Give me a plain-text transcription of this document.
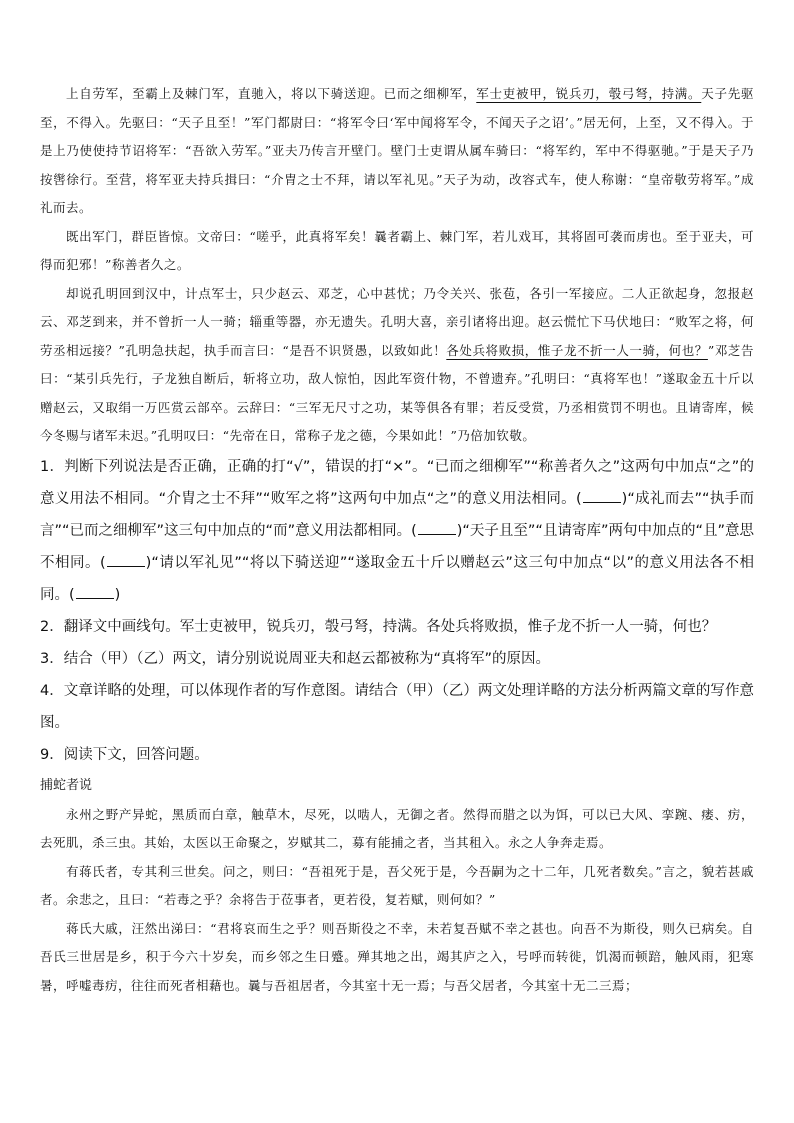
上自劳军，至霸上及棘门军，直驰入，将以下骑送迎。已而之细柳军，军士吏被甲，锐兵刃，彀弓弩，持满。天子先驱至，不得入。先驱曰：“天子且至！”军门都尉曰：“将军令曰‘军中闻将军令，不闻天子之诏’。”居无何，上至，又不得入。于是上乃使使持节诏将军：“吾欲入劳军。”亚夫乃传言开壁门。壁门士吏谓从属车骑曰：“将军约，军中不得驱驰。”于是天子乃按辔徐行。至营，将军亚夫持兵揖曰：“介胄之士不拜，请以军礼见。”天子为动，改容式车，使人称谢：“皇帝敬劳将军。”成礼而去。

既出军门，群臣皆惊。文帝曰：“嗟乎，此真将军矣！曩者霸上、棘门军，若儿戏耳，其将固可袭而虏也。至于亚夫，可得而犯邪！”称善者久之。

却说孔明回到汉中，计点军士，只少赵云、邓芝，心中甚忧；乃令关兴、张苞，各引一军接应。二人正欲起身，忽报赵云、邓芝到来，并不曾折一人一骑；辎重等器，亦无遗失。孔明大喜，亲引诸将出迎。赵云慌忙下马伏地曰：“败军之将，何劳丞相远接？”孔明急扶起，执手而言曰：“是吾不识贤愚，以致如此！各处兵将败损，惟子龙不折一人一骑，何也？”邓芝告曰：“某引兵先行，子龙独自断后，斩将立功，敌人惊怕，因此军资什物，不曾遗弃。”孔明曰：“真将军也！”遂取金五十斤以赠赵云，又取绢一万匹赏云部卒。云辞曰：“三军无尺寸之功，某等俱各有罪；若反受赏，乃丞相赏罚不明也。且请寄库，候今冬赐与诸军未迟。”孔明叹曰：“先帝在日，常称子龙之德，今果如此！”乃倍加钦敬。

1．判断下列说法是否正确，正确的打“√”，错误的打“×”。“已而之细柳军”“称善者久之”这两句中加点“之”的意义用法不相同。“介胄之士不拜”“败军之将”这两句中加点“之”的意义用法相同。(	)“成礼而去”“执手而言”“已而之细柳军”这三句中加点的“而”意义用法都相同。(	)“天子且至”“且请寄库”两句中加点的“且”意思不相同。(	)“请以军礼见”“将以下骑送迎”“遂取金五十斤以赠赵云”这三句中加点“以”的意义用法各不相同。(	)

2．翻译文中画线句。军士吏被甲，锐兵刃，彀弓弩，持满。各处兵将败损，惟子龙不折一人一骑，何也？

3．结合（甲）（乙）两文，请分别说说周亚夫和赵云都被称为“真将军”的原因。

4．文章详略的处理，可以体现作者的写作意图。请结合（甲）（乙）两文处理详略的方法分析两篇文章的写作意图。

9．阅读下文，回答问题。

捕蛇者说

永州之野产异蛇，黑质而白章，触草木，尽死，以啮人，无御之者。然得而腊之以为饵，可以已大风、挛踠、瘘、疠，去死肌，杀三虫。其始，太医以王命聚之，岁赋其二，募有能捕之者，当其租入。永之人争奔走焉。

有蒋氏者，专其利三世矣。问之，则曰：“吾祖死于是，吾父死于是，今吾嗣为之十二年，几死者数矣。”言之，貌若甚戚者。余悲之，且曰：“若毒之乎？余将告于莅事者，更若役，复若赋，则何如？”

蒋氏大戚，汪然出涕曰：“君将哀而生之乎？则吾斯役之不幸，未若复吾赋不幸之甚也。向吾不为斯役，则久已病矣。自吾氏三世居是乡，积于今六十岁矣，而乡邻之生日蹙。殚其地之出，竭其庐之入，号呼而转徙，饥渴而顿踣，触风雨，犯寒暑，呼嘘毒疠，往往而死者相藉也。曩与吾祖居者，今其室十无一焉；与吾父居者，今其室十无二三焉；
